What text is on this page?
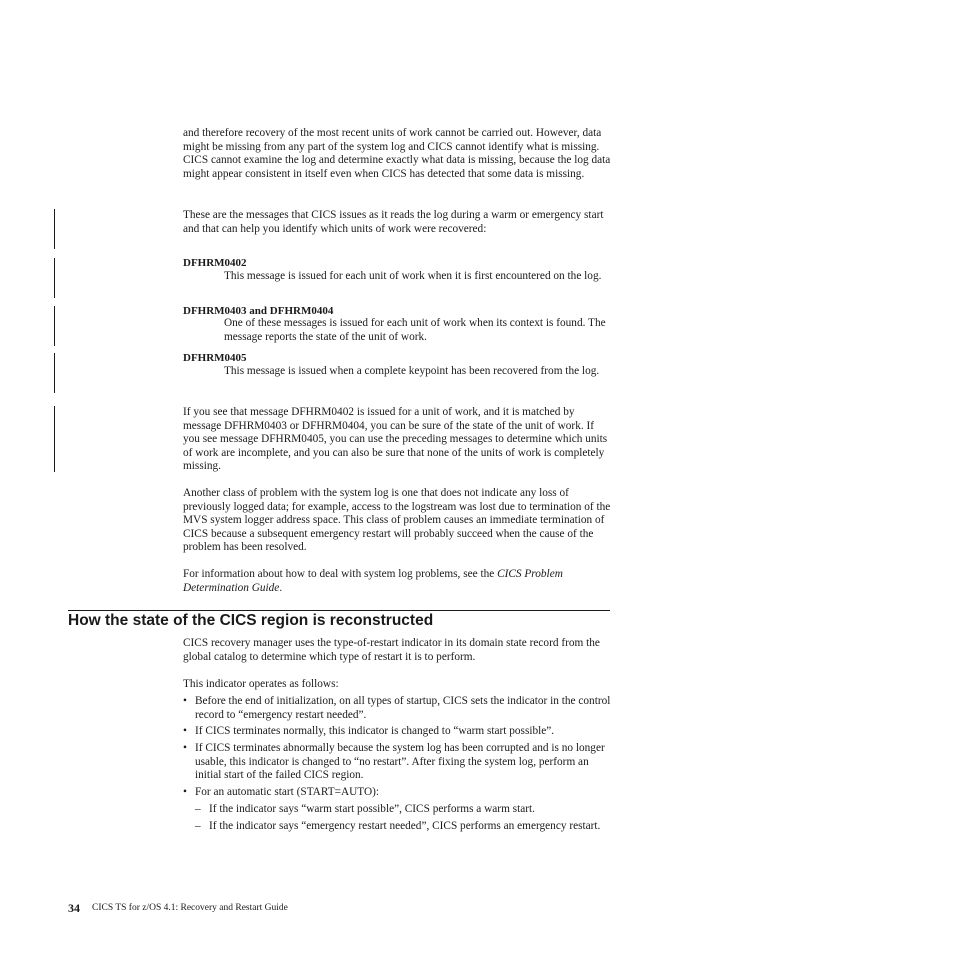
and therefore recovery of the most recent units of work cannot be carried out. However, data might be missing from any part of the system log and CICS cannot identify what is missing. CICS cannot examine the log and determine exactly what data is missing, because the log data might appear consistent in itself even when CICS has detected that some data is missing.

These are the messages that CICS issues as it reads the log during a warm or emergency start and that can help you identify which units of work were recovered:

DFHRM0402

This message is issued for each unit of work when it is first encountered on the log.

DFHRM0403 and DFHRM0404

One of these messages is issued for each unit of work when its context is found. The message reports the state of the unit of work.

DFHRM0405

This message is issued when a complete keypoint has been recovered from the log.

If you see that message DFHRM0402 is issued for a unit of work, and it is matched by message DFHRM0403 or DFHRM0404, you can be sure of the state of the unit of work. If you see message DFHRM0405, you can use the preceding messages to determine which units of work are incomplete, and you can also be sure that none of the units of work is completely missing.

Another class of problem with the system log is one that does not indicate any loss of previously logged data; for example, access to the logstream was lost due to termination of the MVS system logger address space. This class of problem causes an immediate termination of CICS because a subsequent emergency restart will probably succeed when the cause of the problem has been resolved.

For information about how to deal with system log problems, see the CICS Problem Determination Guide.

How the state of the CICS region is reconstructed

CICS recovery manager uses the type-of-restart indicator in its domain state record from the global catalog to determine which type of restart it is to perform.

This indicator operates as follows:

• Before the end of initialization, on all types of startup, CICS sets the indicator in the control record to “emergency restart needed”.

• If CICS terminates normally, this indicator is changed to “warm start possible”.

• If CICS terminates abnormally because the system log has been corrupted and is no longer usable, this indicator is changed to “no restart”. After fixing the system log, perform an initial start of the failed CICS region.

• For an automatic start (START=AUTO):

– If the indicator says “warm start possible”, CICS performs a warm start.

– If the indicator says “emergency restart needed”, CICS performs an emergency restart.

34 CICS TS for z/OS 4.1: Recovery and Restart Guide
